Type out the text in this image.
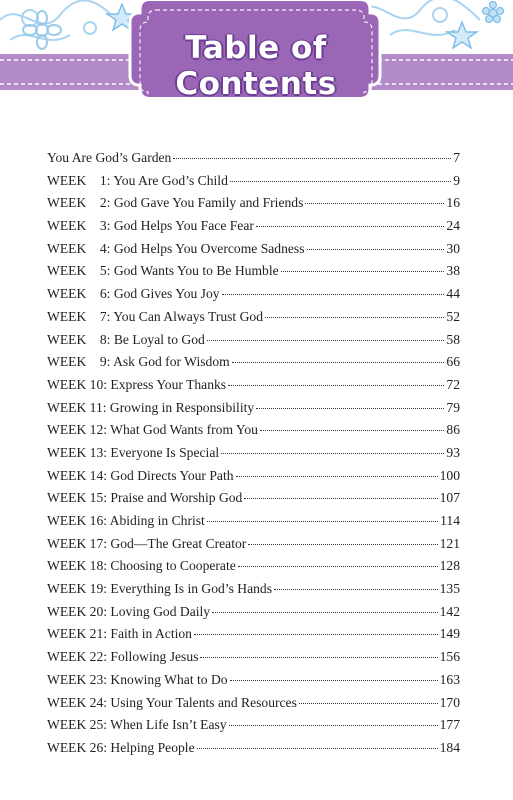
Table of
Contents
You Are God’s Garden	7
WEEK    1: You Are God’s Child	9
WEEK    2: God Gave You Family and Friends	16
WEEK    3: God Helps You Face Fear	24
WEEK    4: God Helps You Overcome Sadness	30
WEEK    5: God Wants You to Be Humble	38
WEEK    6: God Gives You Joy	44
WEEK    7: You Can Always Trust God	52
WEEK    8: Be Loyal to God	58
WEEK    9: Ask God for Wisdom	66
WEEK 10: Express Your Thanks	72
WEEK 11: Growing in Responsibility	79
WEEK 12: What God Wants from You	86
WEEK 13: Everyone Is Special	93
WEEK 14: God Directs Your Path	100
WEEK 15: Praise and Worship God	107
WEEK 16: Abiding in Christ	114
WEEK 17: God—The Great Creator	121
WEEK 18: Choosing to Cooperate	128
WEEK 19: Everything Is in God’s Hands	135
WEEK 20: Loving God Daily	142
WEEK 21: Faith in Action	149
WEEK 22: Following Jesus	156
WEEK 23: Knowing What to Do	163
WEEK 24: Using Your Talents and Resources	170
WEEK 25: When Life Isn’t Easy	177
WEEK 26: Helping People	184
